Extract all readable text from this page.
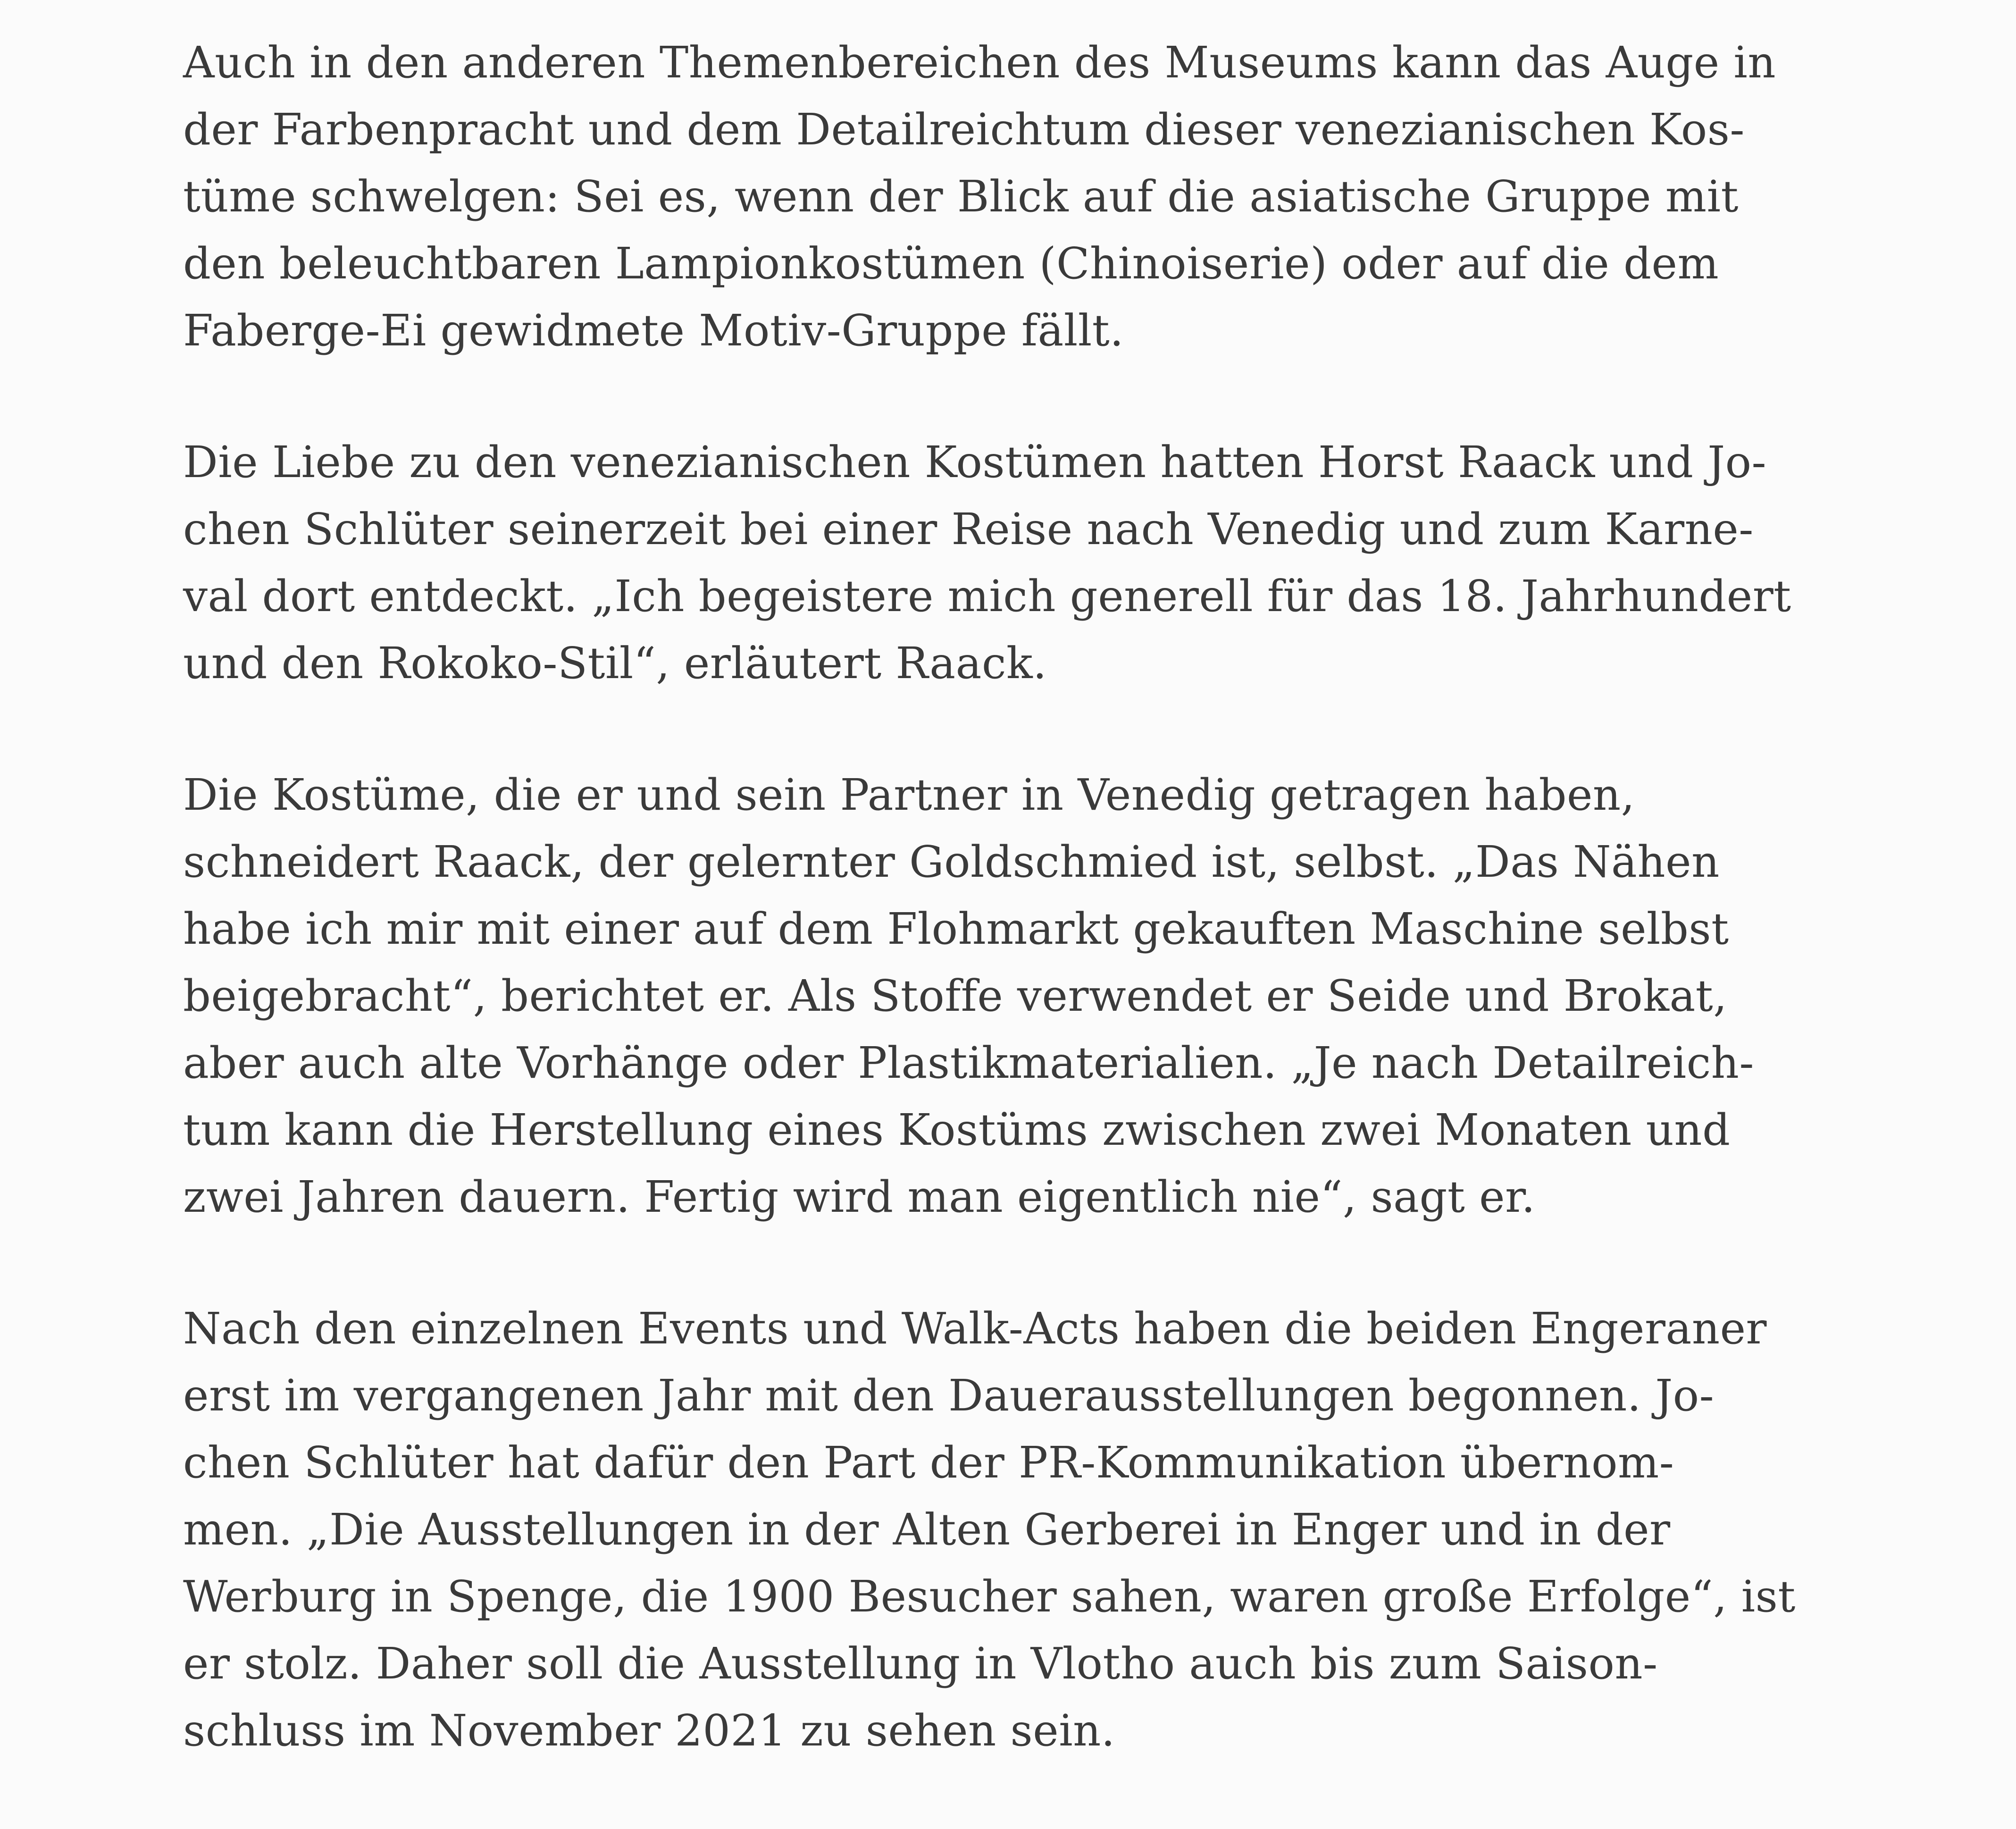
Auch in den anderen Themenbereichen des Museums kann das Auge in
der Farbenpracht und dem Detailreichtum dieser venezianischen Kos-
tüme schwelgen: Sei es, wenn der Blick auf die asiatische Gruppe mit
den beleuchtbaren Lampionkostümen (Chinoiserie) oder auf die dem
Faberge-Ei gewidmete Motiv-Gruppe fällt.

Die Liebe zu den venezianischen Kostümen hatten Horst Raack und Jo-
chen Schlüter seinerzeit bei einer Reise nach Venedig und zum Karne-
val dort entdeckt. „Ich begeistere mich generell für das 18. Jahrhundert
und den Rokoko-Stil“, erläutert Raack.

Die Kostüme, die er und sein Partner in Venedig getragen haben,
schneidert Raack, der gelernter Goldschmied ist, selbst. „Das Nähen
habe ich mir mit einer auf dem Flohmarkt gekauften Maschine selbst
beigebracht“, berichtet er. Als Stoffe verwendet er Seide und Brokat,
aber auch alte Vorhänge oder Plastikmaterialien. „Je nach Detailreich-
tum kann die Herstellung eines Kostüms zwischen zwei Monaten und
zwei Jahren dauern. Fertig wird man eigentlich nie“, sagt er.

Nach den einzelnen Events und Walk-Acts haben die beiden Engeraner
erst im vergangenen Jahr mit den Dauerausstellungen begonnen. Jo-
chen Schlüter hat dafür den Part der PR-Kommunikation übernom-
men. „Die Ausstellungen in der Alten Gerberei in Enger und in der
Werburg in Spenge, die 1900 Besucher sahen, waren große Erfolge“, ist
er stolz. Daher soll die Ausstellung in Vlotho auch bis zum Saison-
schluss im November 2021 zu sehen sein.
